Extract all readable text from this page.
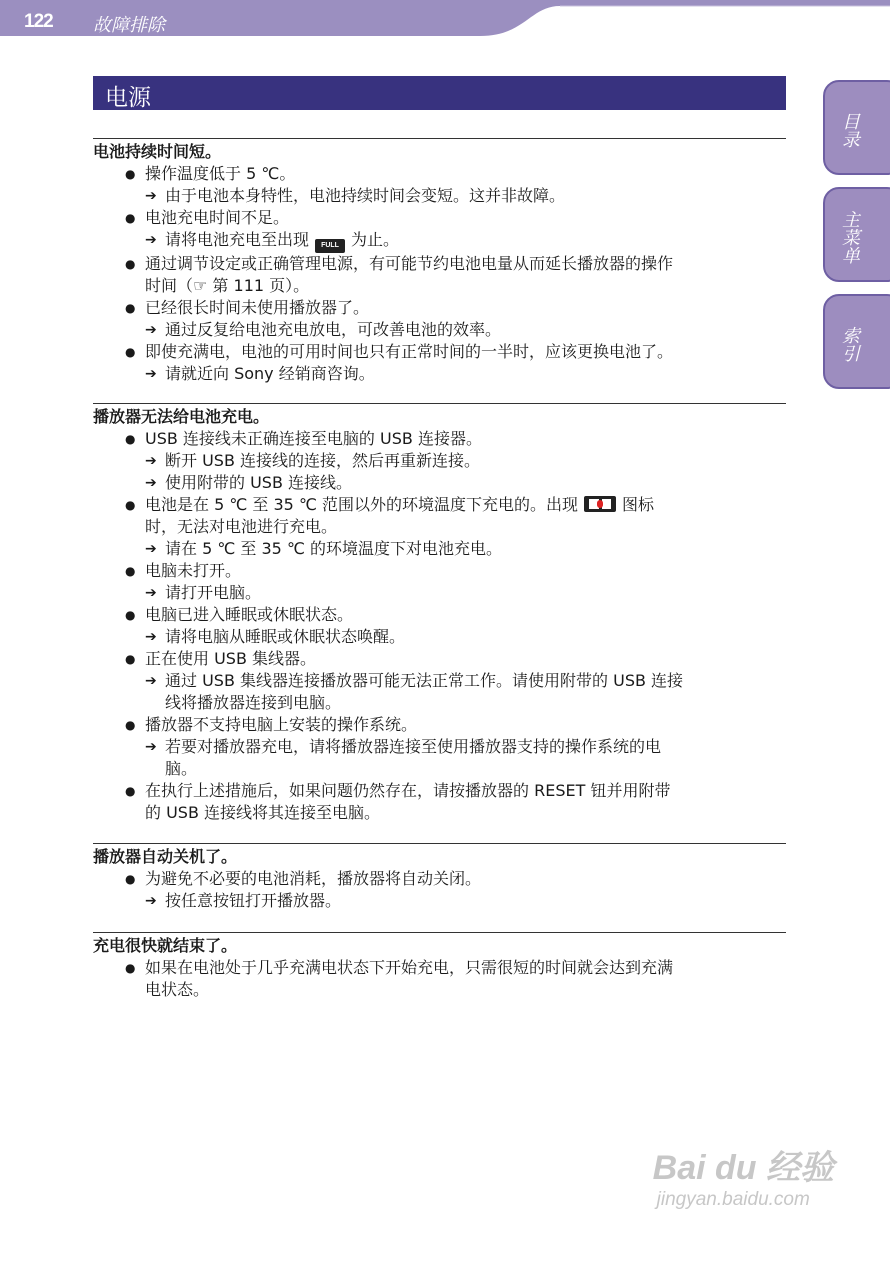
122 故障排除
电源
目录
主菜单
索引
电池持续时间短。
● 操作温度低于 5 ℃。
➔ 由于电池本身特性，电池持续时间会变短。这并非故障。
● 电池充电时间不足。
➔ 请将电池充电至出现 FULL 为止。
● 通过调节设定或正确管理电源，有可能节约电池电量从而延长播放器的操作
时间（☞ 第 111 页）。
● 已经很长时间未使用播放器了。
➔ 通过反复给电池充电放电，可改善电池的效率。
● 即使充满电，电池的可用时间也只有正常时间的一半时，应该更换电池了。
➔ 请就近向 Sony 经销商咨询。
播放器无法给电池充电。
● USB 连接线未正确连接至电脑的 USB 连接器。
➔ 断开 USB 连接线的连接，然后再重新连接。
➔ 使用附带的 USB 连接线。
● 电池是在 5 ℃ 至 35 ℃ 范围以外的环境温度下充电的。出现	图标
时，无法对电池进行充电。
➔ 请在 5 ℃ 至 35 ℃ 的环境温度下对电池充电。
● 电脑未打开。
➔ 请打开电脑。
● 电脑已进入睡眠或休眠状态。
➔ 请将电脑从睡眠或休眠状态唤醒。
● 正在使用 USB 集线器。
➔ 通过 USB 集线器连接播放器可能无法正常工作。请使用附带的 USB 连接
线将播放器连接到电脑。
● 播放器不支持电脑上安装的操作系统。
➔ 若要对播放器充电，请将播放器连接至使用播放器支持的操作系统的电
脑。
● 在执行上述措施后，如果问题仍然存在，请按播放器的 RESET 钮并用附带
的 USB 连接线将其连接至电脑。
播放器自动关机了。
● 为避免不必要的电池消耗，播放器将自动关闭。
➔ 按任意按钮打开播放器。
充电很快就结束了。
● 如果在电池处于几乎充满电状态下开始充电，只需很短的时间就会达到充满
电状态。
Bai du 经验
jingyan.baidu.com
